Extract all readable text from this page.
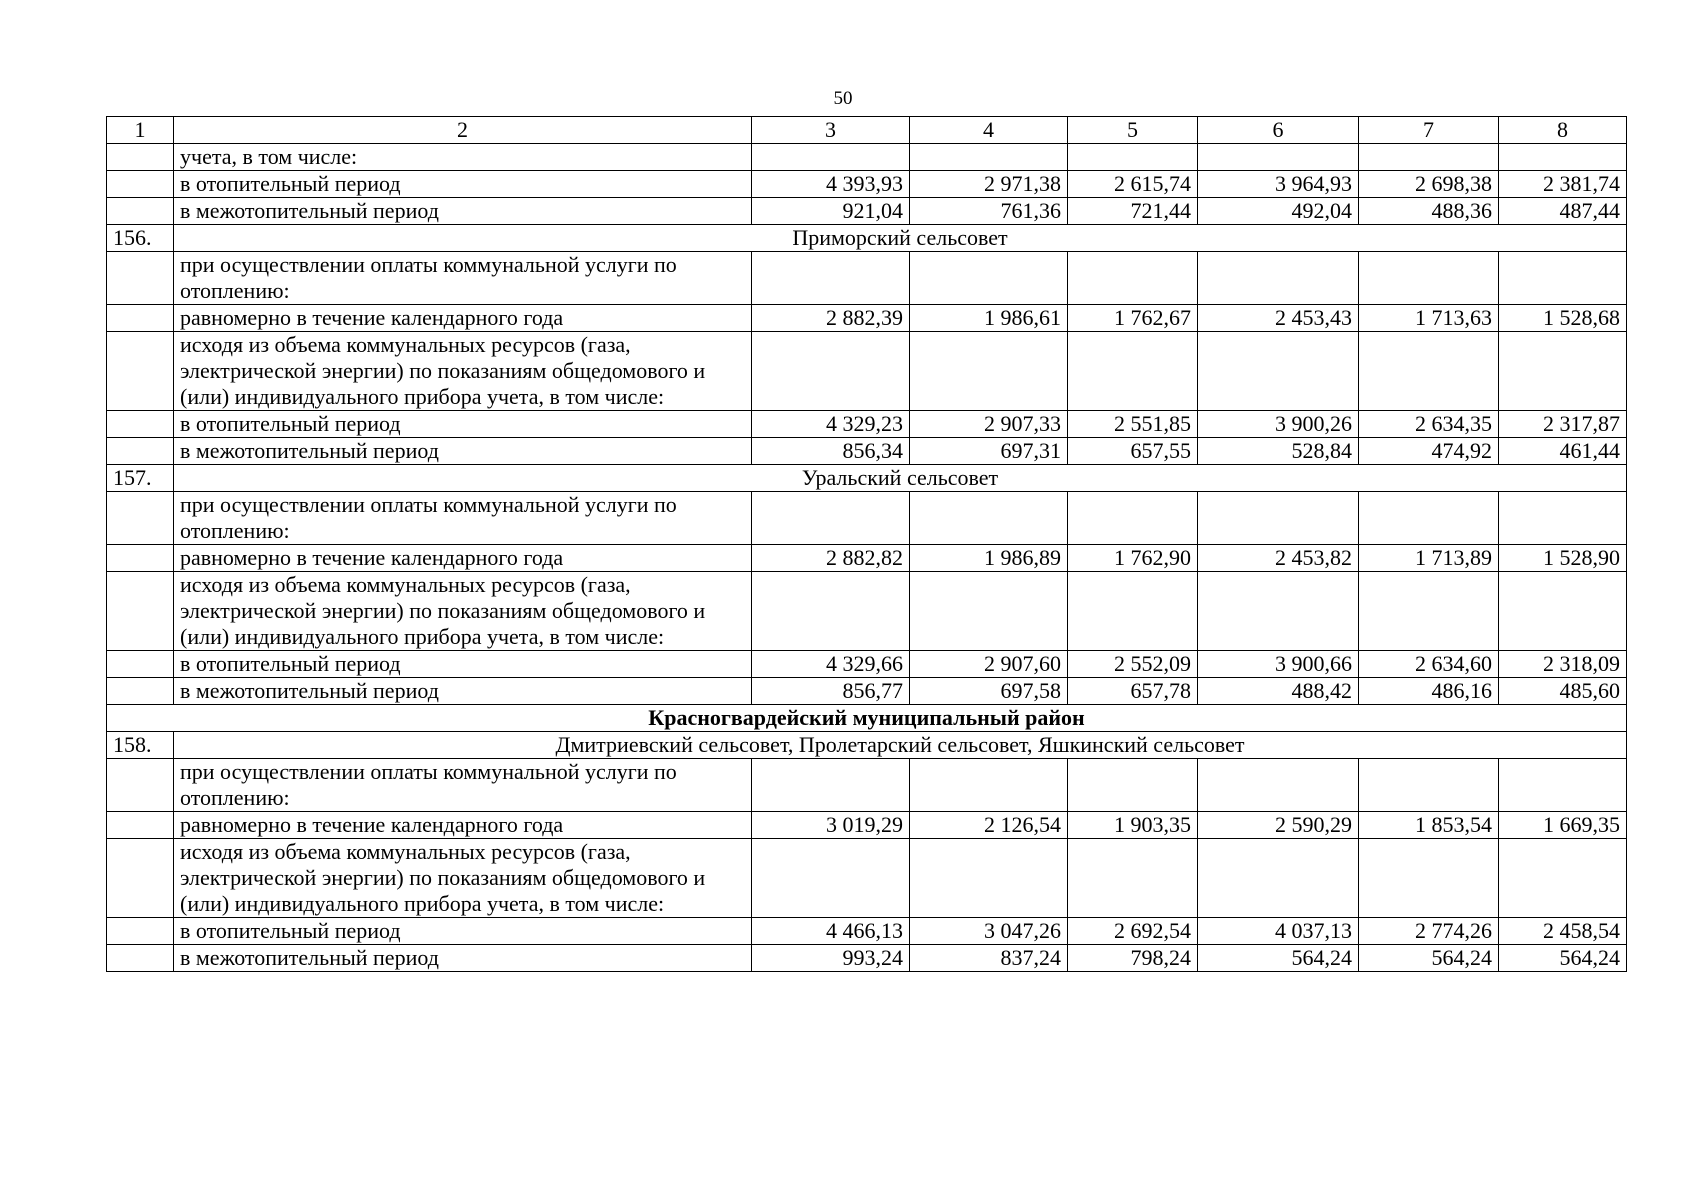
50
1	2	3	4	5	6	7	8
	учета, в том числе:						
	в отопительный период	4 393,93	2 971,38	2 615,74	3 964,93	2 698,38	2 381,74
	в межотопительный период	921,04	761,36	721,44	492,04	488,36	487,44
156.	Приморский сельсовет						
	при осуществлении оплаты коммунальной услуги по отоплению:						
	равномерно в течение календарного года	2 882,39	1 986,61	1 762,67	2 453,43	1 713,63	1 528,68
	исходя из объема коммунальных ресурсов (газа, электрической энергии) по показаниям общедомового и (или) индивидуального прибора учета, в том числе:						
	в отопительный период	4 329,23	2 907,33	2 551,85	3 900,26	2 634,35	2 317,87
	в межотопительный период	856,34	697,31	657,55	528,84	474,92	461,44
157.	Уральский сельсовет						
	при осуществлении оплаты коммунальной услуги по отоплению:						
	равномерно в течение календарного года	2 882,82	1 986,89	1 762,90	2 453,82	1 713,89	1 528,90
	исходя из объема коммунальных ресурсов (газа, электрической энергии) по показаниям общедомового и (или) индивидуального прибора учета, в том числе:						
	в отопительный период	4 329,66	2 907,60	2 552,09	3 900,66	2 634,60	2 318,09
	в межотопительный период	856,77	697,58	657,78	488,42	486,16	485,60
Красногвардейский муниципальный район							
158.	Дмитриевский сельсовет, Пролетарский сельсовет, Яшкинский сельсовет						
	при осуществлении оплаты коммунальной услуги по отоплению:						
	равномерно в течение календарного года	3 019,29	2 126,54	1 903,35	2 590,29	1 853,54	1 669,35
	исходя из объема коммунальных ресурсов (газа, электрической энергии) по показаниям общедомового и (или) индивидуального прибора учета, в том числе:						
	в отопительный период	4 466,13	3 047,26	2 692,54	4 037,13	2 774,26	2 458,54
	в межотопительный период	993,24	837,24	798,24	564,24	564,24	564,24
